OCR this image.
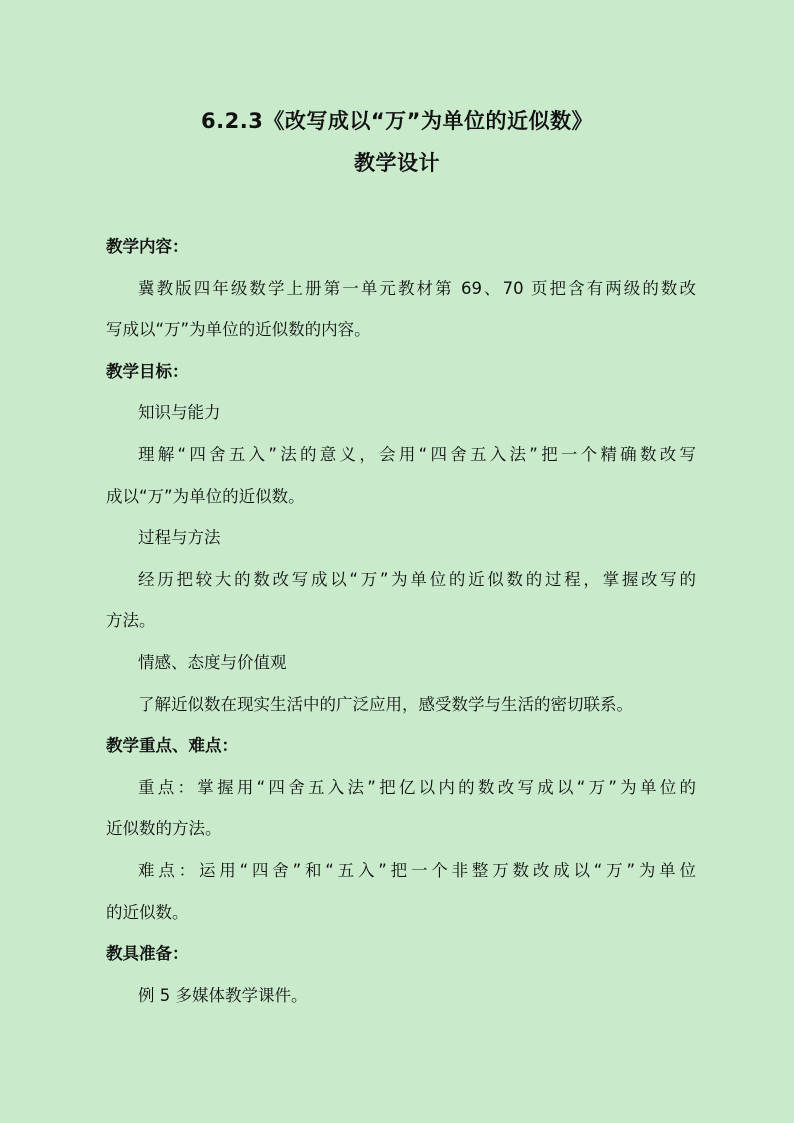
6.2.3《改写成以“万”为单位的近似数》
教学设计
教学内容：
冀教版四年级数学上册第一单元教材第 69、70 页把含有两级的数改
写成以“万”为单位的近似数的内容。
教学目标：
知识与能力
理解“四舍五入”法的意义，会用“四舍五入法”把一个精确数改写
成以“万”为单位的近似数。
过程与方法
经历把较大的数改写成以“万”为单位的近似数的过程，掌握改写的
方法。
情感、态度与价值观
了解近似数在现实生活中的广泛应用，感受数学与生活的密切联系。
教学重点、难点：
重点：掌握用“四舍五入法”把亿以内的数改写成以“万”为单位的
近似数的方法。
难点：运用“四舍”和“五入”把一个非整万数改成以“万”为单位
的近似数。
教具准备：
例 5 多媒体教学课件。
